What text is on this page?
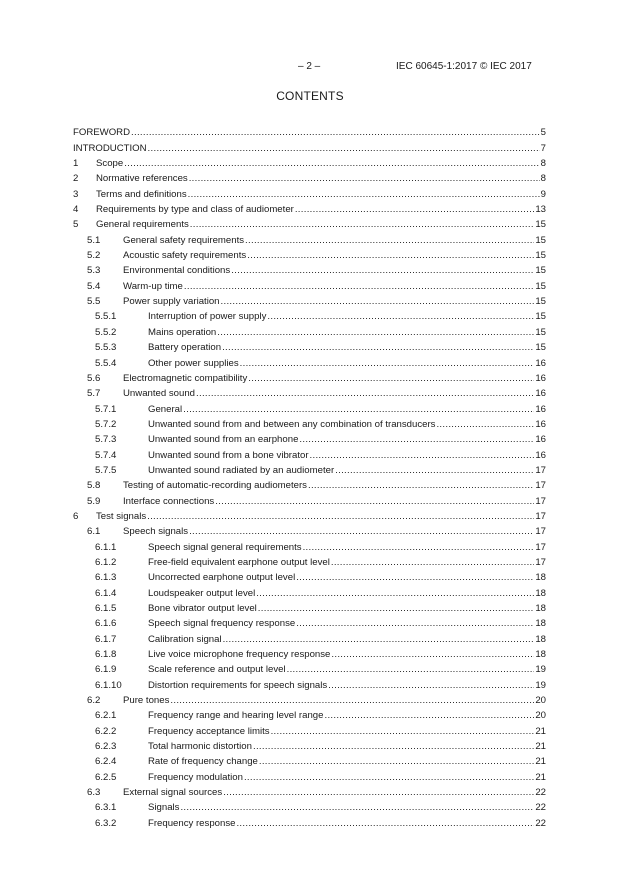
– 2 –	IEC 60645-1:2017 © IEC 2017
CONTENTS
FOREWORD .....	5
INTRODUCTION .....	7
1	Scope .....	8
2	Normative references .....	8
3	Terms and definitions .....	9
4	Requirements by type and class of audiometer .....	13
5	General requirements .....	15
5.1	General safety requirements .....	15
5.2	Acoustic safety requirements .....	15
5.3	Environmental conditions .....	15
5.4	Warm-up time .....	15
5.5	Power supply variation .....	15
5.5.1	Interruption of power supply .....	15
5.5.2	Mains operation .....	15
5.5.3	Battery operation .....	15
5.5.4	Other power supplies .....	16
5.6	Electromagnetic compatibility .....	16
5.7	Unwanted sound .....	16
5.7.1	General .....	16
5.7.2	Unwanted sound from and between any combination of transducers .....	16
5.7.3	Unwanted sound from an earphone .....	16
5.7.4	Unwanted sound from a bone vibrator .....	16
5.7.5	Unwanted sound radiated by an audiometer .....	17
5.8	Testing of automatic-recording audiometers .....	17
5.9	Interface connections .....	17
6	Test signals .....	17
6.1	Speech signals .....	17
6.1.1	Speech signal general requirements .....	17
6.1.2	Free-field equivalent earphone output level .....	17
6.1.3	Uncorrected earphone output level .....	18
6.1.4	Loudspeaker output level .....	18
6.1.5	Bone vibrator output level .....	18
6.1.6	Speech signal frequency response .....	18
6.1.7	Calibration signal .....	18
6.1.8	Live voice microphone frequency response .....	18
6.1.9	Scale reference and output level .....	19
6.1.10	Distortion requirements for speech signals .....	19
6.2	Pure tones .....	20
6.2.1	Frequency range and hearing level range .....	20
6.2.2	Frequency acceptance limits .....	21
6.2.3	Total harmonic distortion .....	21
6.2.4	Rate of frequency change .....	21
6.2.5	Frequency modulation .....	21
6.3	External signal sources .....	22
6.3.1	Signals .....	22
6.3.2	Frequency response .....	22
